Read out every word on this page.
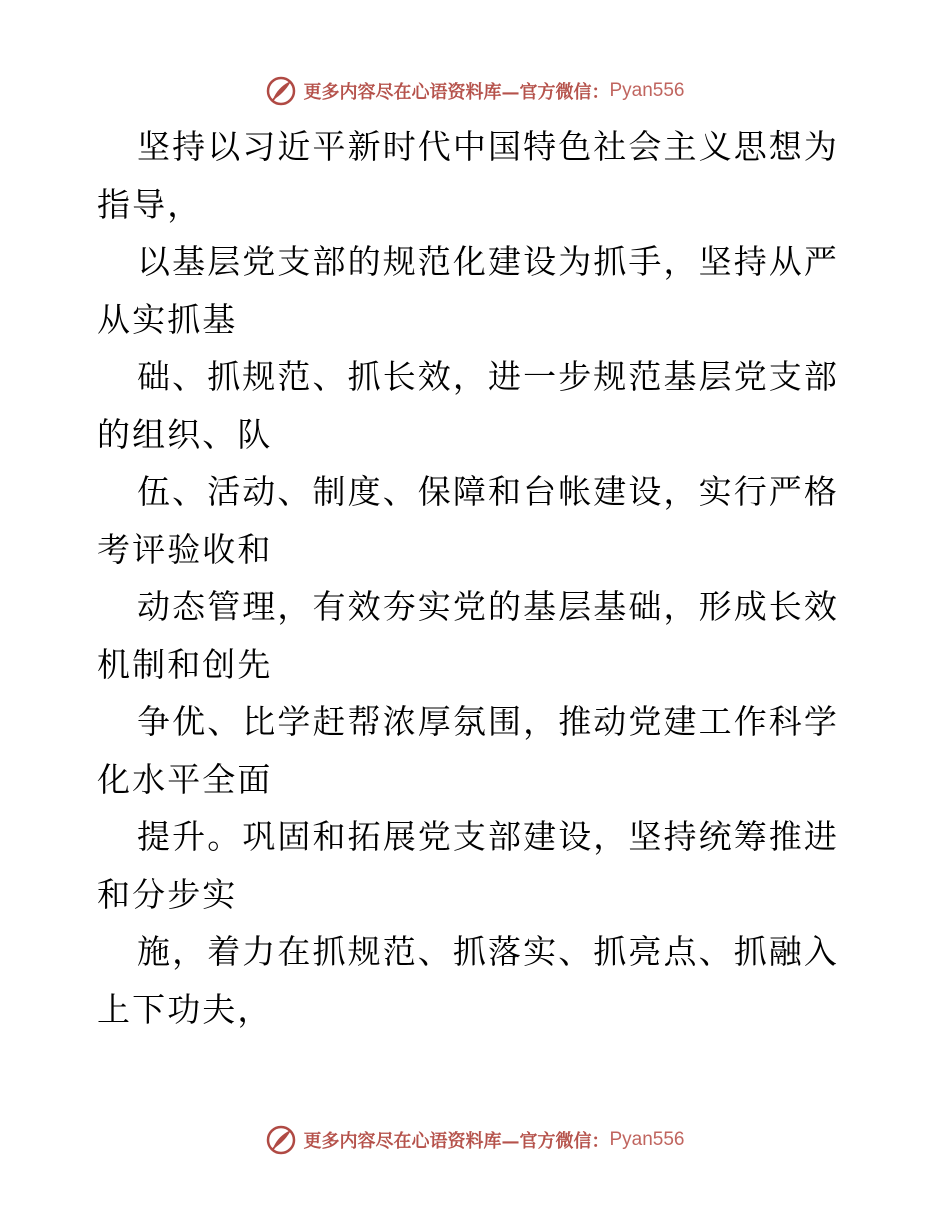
更多内容尽在心语资料库—官方微信： Pyan556

坚持以习近平新时代中国特色社会主义思想为指导，

以基层党支部的规范化建设为抓手，坚持从严从实抓基

础、抓规范、抓长效，进一步规范基层党支部的组织、队

伍、活动、制度、保障和台帐建设，实行严格考评验收和

动态管理，有效夯实党的基层基础，形成长效机制和创先

争优、比学赶帮浓厚氛围，推动党建工作科学化水平全面

提升。巩固和拓展党支部建设，坚持统筹推进和分步实

施，着力在抓规范、抓落实、抓亮点、抓融入上下功夫，

更多内容尽在心语资料库—官方微信： Pyan556
